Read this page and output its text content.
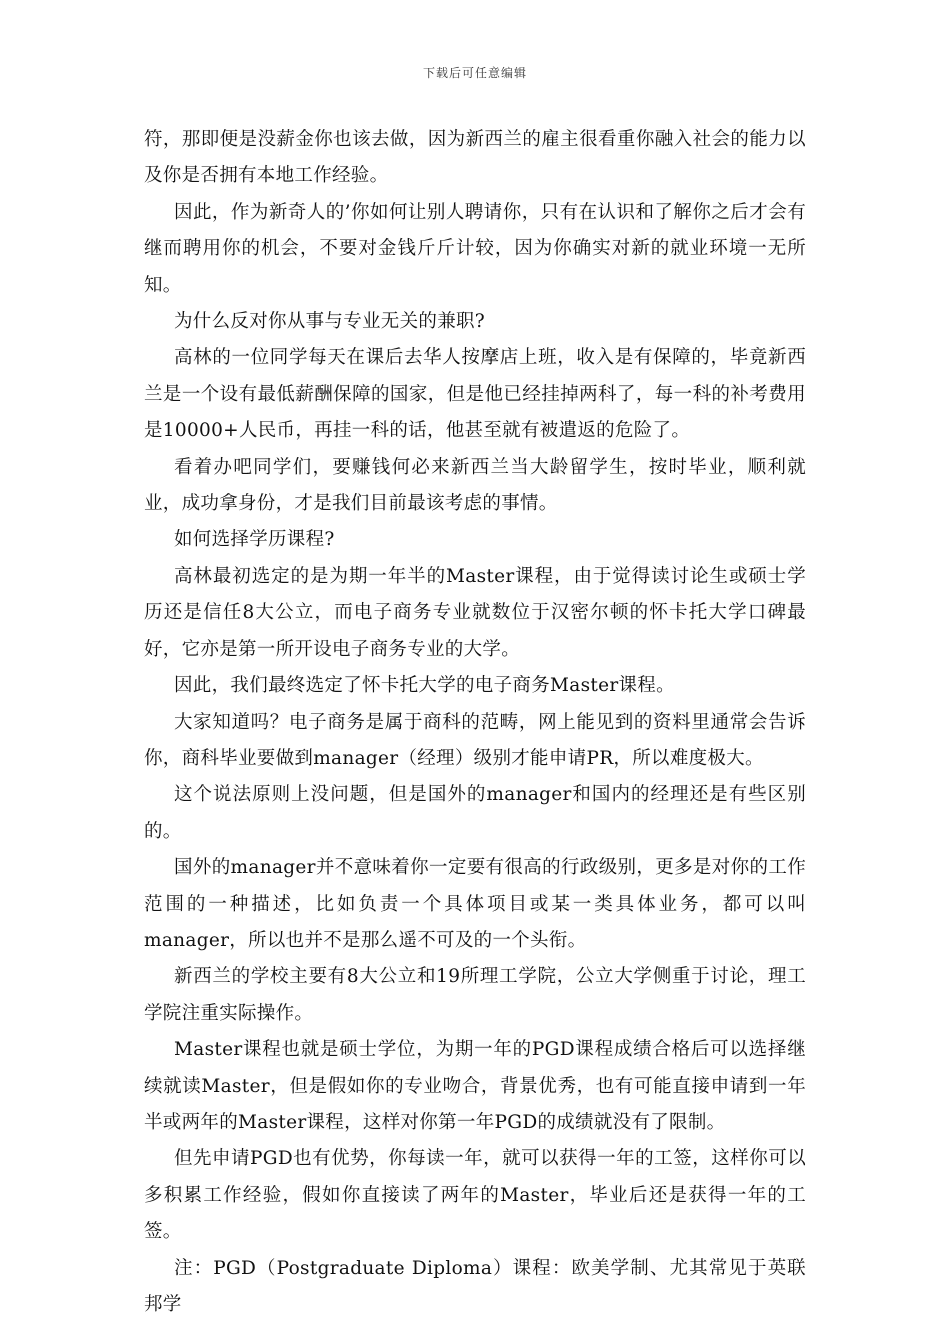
下载后可任意编辑

符，那即便是没薪金你也该去做，因为新西兰的雇主很看重你融入社会的能力以及你是否拥有本地工作经验。

因此，作为新奇人的’你如何让别人聘请你，只有在认识和了解你之后才会有继而聘用你的机会，不要对金钱斤斤计较，因为你确实对新的就业环境一无所知。

为什么反对你从事与专业无关的兼职?

高林的一位同学每天在课后去华人按摩店上班，收入是有保障的，毕竟新西兰是一个设有最低薪酬保障的国家，但是他已经挂掉两科了，每一科的补考费用是10000+人民币，再挂一科的话，他甚至就有被遣返的危险了。

看着办吧同学们，要赚钱何必来新西兰当大龄留学生，按时毕业，顺利就业，成功拿身份，才是我们目前最该考虑的事情。

如何选择学历课程?

高林最初选定的是为期一年半的Master课程，由于觉得读讨论生或硕士学历还是信任8大公立，而电子商务专业就数位于汉密尔顿的怀卡托大学口碑最好，它亦是第一所开设电子商务专业的大学。

因此，我们最终选定了怀卡托大学的电子商务Master课程。

大家知道吗？电子商务是属于商科的范畴，网上能见到的资料里通常会告诉你，商科毕业要做到manager（经理）级别才能申请PR，所以难度极大。

这个说法原则上没问题，但是国外的manager和国内的经理还是有些区别的。

国外的manager并不意味着你一定要有很高的行政级别，更多是对你的工作范围的一种描述，比如负责一个具体项目或某一类具体业务，都可以叫manager，所以也并不是那么遥不可及的一个头衔。

新西兰的学校主要有8大公立和19所理工学院，公立大学侧重于讨论，理工学院注重实际操作。

Master课程也就是硕士学位，为期一年的PGD课程成绩合格后可以选择继续就读Master，但是假如你的专业吻合，背景优秀，也有可能直接申请到一年半或两年的Master课程，这样对你第一年PGD的成绩就没有了限制。

但先申请PGD也有优势，你每读一年，就可以获得一年的工签，这样你可以多积累工作经验，假如你直接读了两年的Master，毕业后还是获得一年的工签。

注：PGD（Postgraduate Diploma）课程：欧美学制、尤其常见于英联邦学
